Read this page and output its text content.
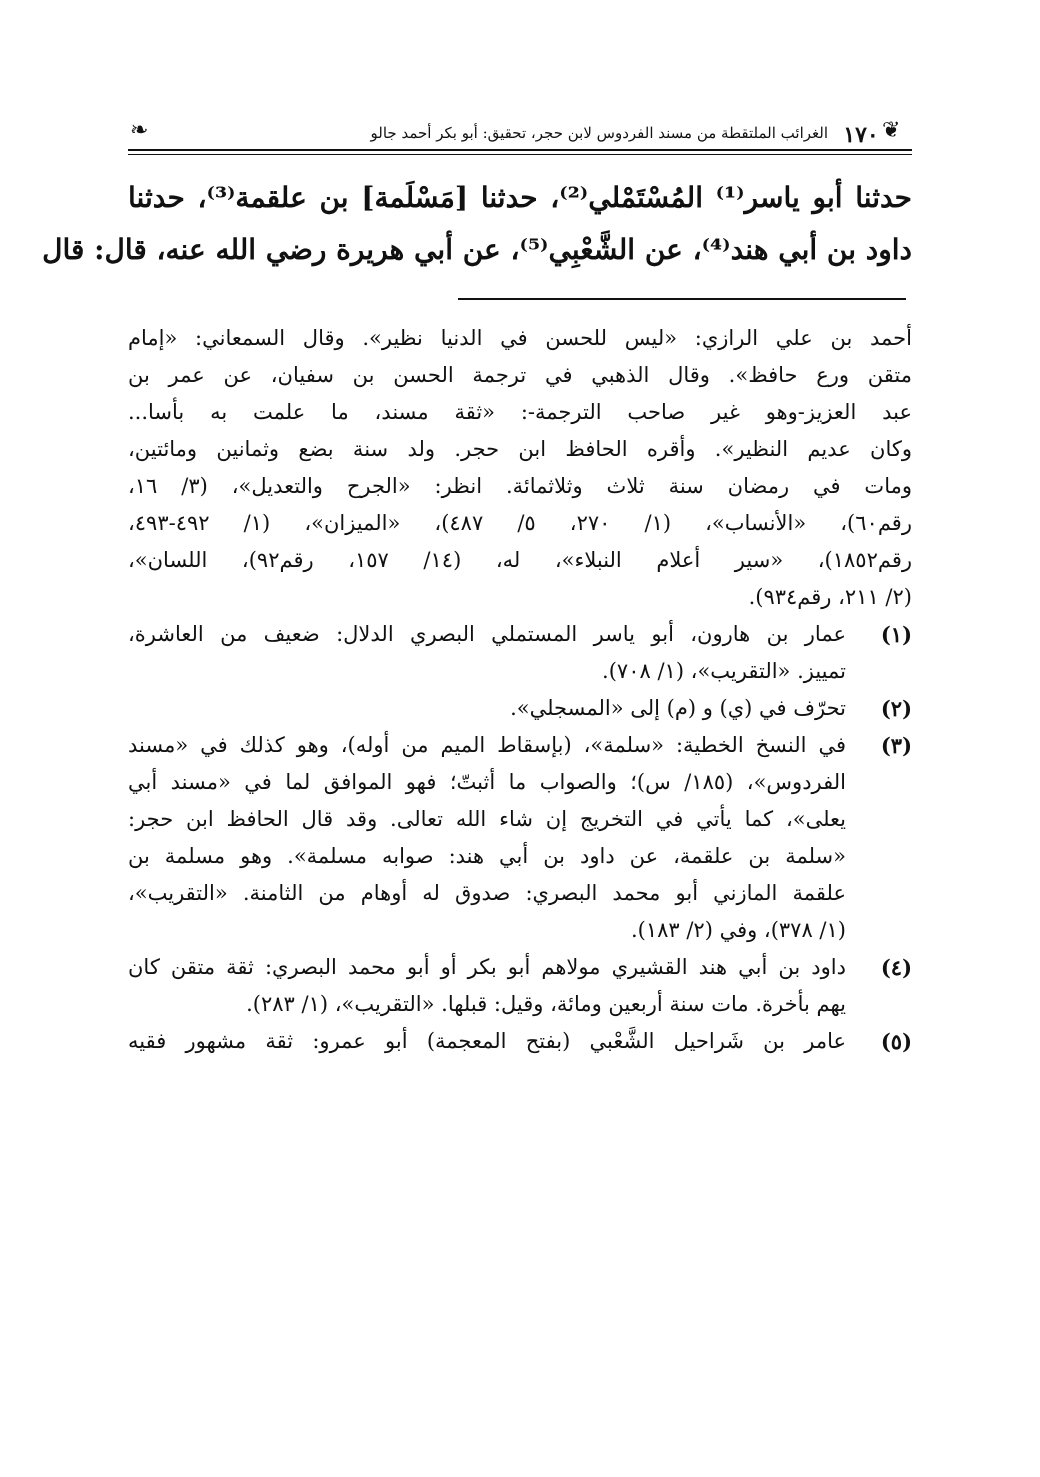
❦
❧	١٧٠
الغرائب الملتقطة من مسند الفردوس لابن حجر، تحقيق: أبو بكر أحمد جالو
حدثنا أبو ياسر⁽¹⁾ المُسْتَمْلي⁽²⁾، حدثنا [مَسْلَمة] بن علقمة⁽³⁾، حدثنا
داود بن أبي هند⁽⁴⁾، عن الشَّعْبِي⁽⁵⁾، عن أبي هريرة رضي الله عنه، قال: قال
أحمد بن علي الرازي: «ليس للحسن في الدنيا نظير». وقال السمعاني: «إمام
متقن ورع حافظ». وقال الذهبي في ترجمة الحسن بن سفيان، عن عمر بن
عبد العزيز-وهو غير صاحب الترجمة-: «ثقة مسند، ما علمت به بأسا...
وكان عديم النظير». وأقره الحافظ ابن حجر. ولد سنة بضع وثمانين ومائتين،
ومات في رمضان سنة ثلاث وثلاثمائة. انظر: «الجرح والتعديل»، (٣/ ١٦،
رقم٦٠)، «الأنساب»، (١/ ٢٧٠، ٥/ ٤٨٧)، «الميزان»، (١/ ٤٩٢-٤٩٣،
رقم١٨٥٢)، «سير أعلام النبلاء»، له، (١٤/ ١٥٧، رقم٩٢)، اللسان»،
(٢/ ٢١١، رقم٩٣٤).
(١)
عمار بن هارون، أبو ياسر المستملي البصري الدلال: ضعيف من العاشرة،
تمييز. «التقريب»، (١/ ٧٠٨).
(٢)
تحرّف في (ي) و (م) إلى «المسجلي».
(٣)
في النسخ الخطية: «سلمة»، (بإسقاط الميم من أوله)، وهو كذلك في «مسند
الفردوس»، (١٨٥/ س)؛ والصواب ما أثبتّ؛ فهو الموافق لما في «مسند أبي
يعلى»، كما يأتي في التخريج إن شاء الله تعالى. وقد قال الحافظ ابن حجر:
«سلمة بن علقمة، عن داود بن أبي هند: صوابه مسلمة». وهو مسلمة بن
علقمة المازني أبو محمد البصري: صدوق له أوهام من الثامنة. «التقريب»،
(١/ ٣٧٨)، وفي (٢/ ١٨٣).
(٤)
داود بن أبي هند القشيري مولاهم أبو بكر أو أبو محمد البصري: ثقة متقن كان
يهم بأخرة. مات سنة أربعين ومائة، وقيل: قبلها. «التقريب»، (١/ ٢٨٣).
(٥)
عامر بن شَراحيل الشَّعْبي (بفتح المعجمة) أبو عمرو: ثقة مشهور فقيه
